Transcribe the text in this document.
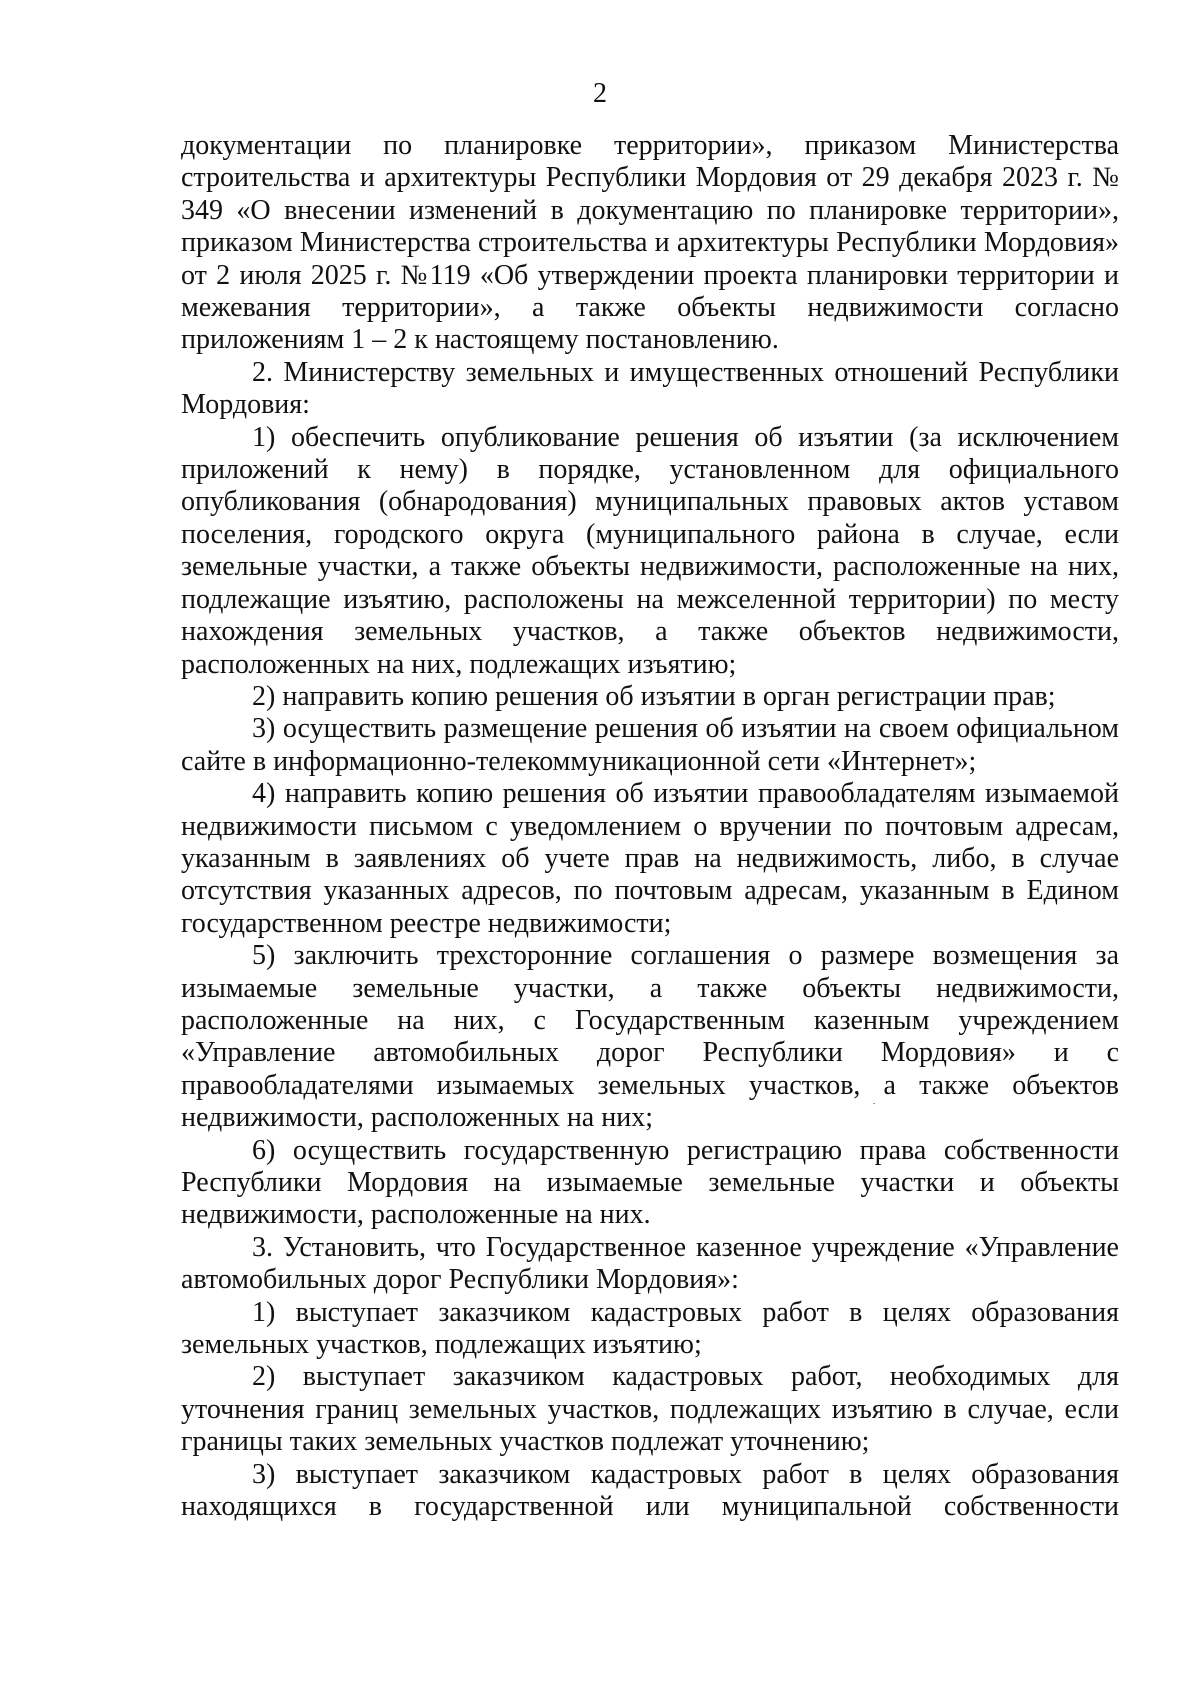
2

документации по планировке территории», приказом Министерства строительства и архитектуры Республики Мордовия от 29 декабря 2023 г. № 349 «О внесении изменений в документацию по планировке территории», приказом Министерства строительства и архитектуры Республики Мордовия» от 2 июля 2025 г. №119 «Об утверждении проекта планировки территории и межевания территории», а также объекты недвижимости согласно приложениям 1 – 2 к настоящему постановлению.

2. Министерству земельных и имущественных отношений Республики Мордовия:

1) обеспечить опубликование решения об изъятии (за исключением приложений к нему) в порядке, установленном для официального опубликования (обнародования) муниципальных правовых актов уставом поселения, городского округа (муниципального района в случае, если земельные участки, а также объекты недвижимости, расположенные на них, подлежащие изъятию, расположены на межселенной территории) по месту нахождения земельных участков, а также объектов недвижимости, расположенных на них, подлежащих изъятию;

2) направить копию решения об изъятии в орган регистрации прав;

3) осуществить размещение решения об изъятии на своем официальном сайте в информационно-телекоммуникационной сети «Интернет»;

4) направить копию решения об изъятии правообладателям изымаемой недвижимости письмом с уведомлением о вручении по почтовым адресам, указанным в заявлениях об учете прав на недвижимость, либо, в случае отсутствия указанных адресов, по почтовым адресам, указанным в Едином государственном реестре недвижимости;

5) заключить трехсторонние соглашения о размере возмещения за изымаемые земельные участки, а также объекты недвижимости, расположенные на них, с Государственным казенным учреждением «Управление автомобильных дорог Республики Мордовия» и с правообладателями изымаемых земельных участков, а также объектов недвижимости, расположенных на них;

6) осуществить государственную регистрацию права собственности Республики Мордовия на изымаемые земельные участки и объекты недвижимости, расположенные на них.

3. Установить, что Государственное казенное учреждение «Управление автомобильных дорог Республики Мордовия»:

1) выступает заказчиком кадастровых работ в целях образования земельных участков, подлежащих изъятию;

2) выступает заказчиком кадастровых работ, необходимых для уточнения границ земельных участков, подлежащих изъятию в случае, если границы таких земельных участков подлежат уточнению;

3) выступает заказчиком кадастровых работ в целях образования находящихся в государственной или муниципальной собственности
